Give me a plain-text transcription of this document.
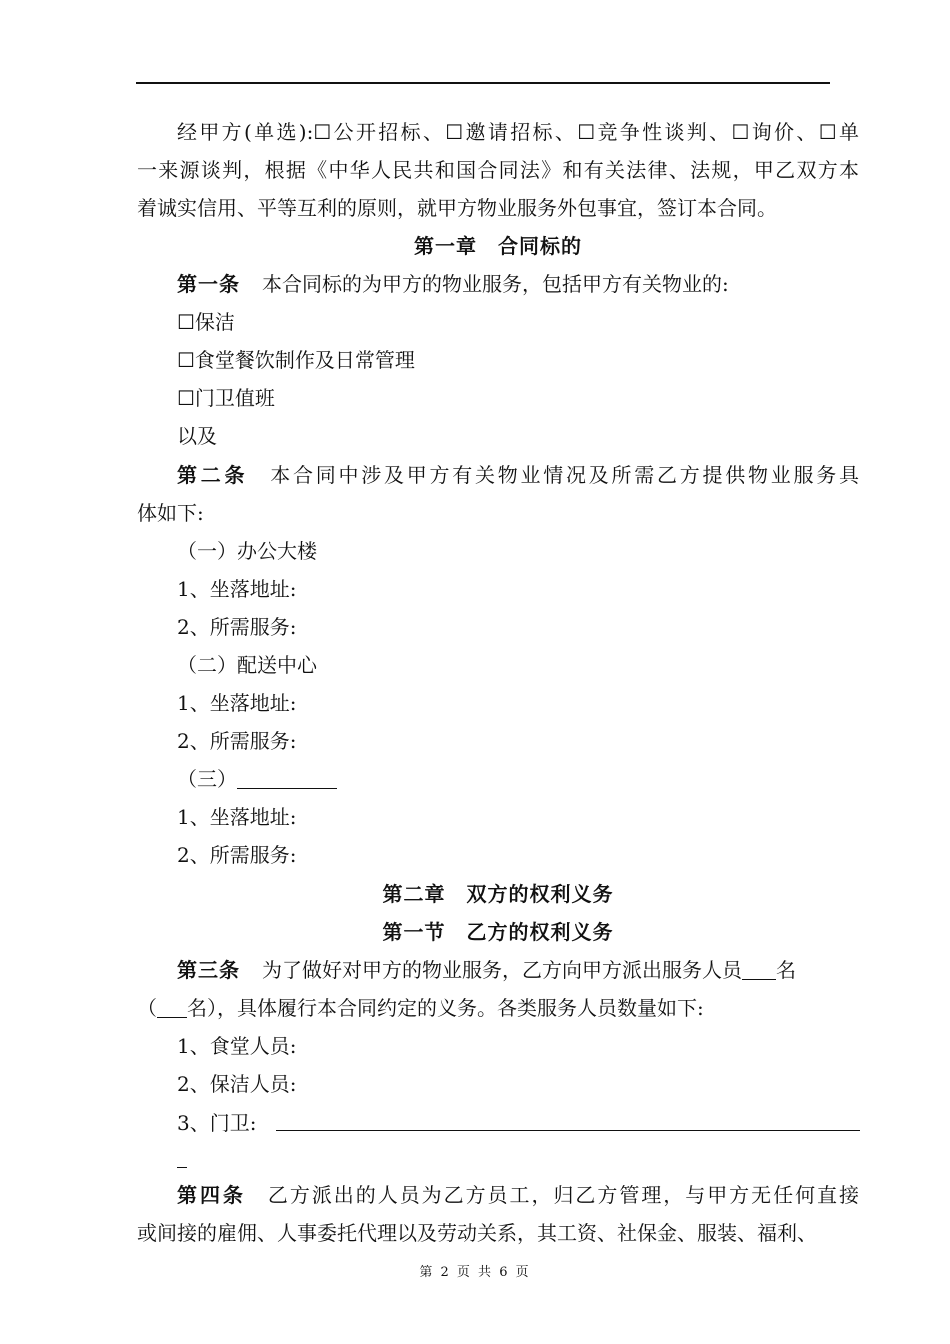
经甲方(单选):☐公开招标、☐邀请招标、☐竞争性谈判、☐询价、☐单
一来源谈判，根据《中华人民共和国合同法》和有关法律、法规，甲乙双方本
着诚实信用、平等互利的原则，就甲方物业服务外包事宜，签订本合同。
第一章　合同标的
第一条 本合同标的为甲方的物业服务，包括甲方有关物业的:
☐保洁
☐食堂餐饮制作及日常管理
☐门卫值班
以及
第二条 本合同中涉及甲方有关物业情况及所需乙方提供物业服务具
体如下:
（一）办公大楼
1、坐落地址:
2、所需服务:
（二）配送中心
1、坐落地址:
2、所需服务:
（三）
1、坐落地址:
2、所需服务:
第二章　双方的权利义务
第一节　乙方的权利义务
第三条 为了做好对甲方的物业服务，乙方向甲方派出服务人员 名
（ 名），具体履行本合同约定的义务。各类服务人员数量如下:
1、食堂人员:
2、保洁人员:
3、门卫:
第四条 乙方派出的人员为乙方员工，归乙方管理，与甲方无任何直接
或间接的雇佣、人事委托代理以及劳动关系，其工资、社保金、服装、福利、
第 2 页 共 6 页
